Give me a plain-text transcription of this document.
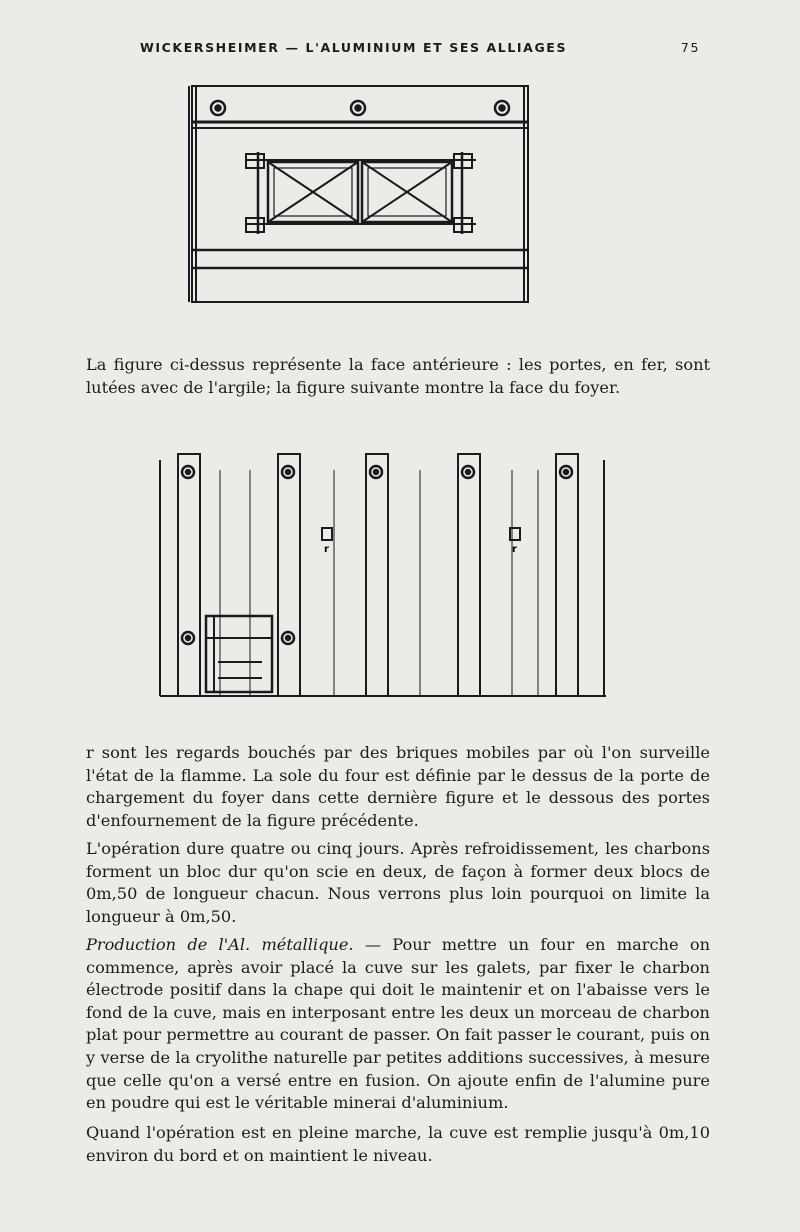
WICKERSHEIMER — L'ALUMINIUM ET SES ALLIAGES	75

La figure ci-dessus représente la face antérieure : les portes, en fer, sont lutées avec de l'argile; la figure suivante montre la face du foyer.

r	r

r sont les regards bouchés par des briques mobiles par où l'on surveille l'état de la flamme. La sole du four est définie par le dessus de la porte de chargement du foyer dans cette dernière figure et le dessous des portes d'enfournement de la figure précédente.

L'opération dure quatre ou cinq jours. Après refroidissement, les charbons forment un bloc dur qu'on scie en deux, de façon à former deux blocs de 0m,50 de longueur chacun. Nous verrons plus loin pourquoi on limite la longueur à 0m,50.

Production de l'Al. métallique. — Pour mettre un four en marche on commence, après avoir placé la cuve sur les galets, par fixer le charbon électrode positif dans la chape qui doit le maintenir et on l'abaisse vers le fond de la cuve, mais en interposant entre les deux un morceau de charbon plat pour permettre au courant de passer. On fait passer le courant, puis on y verse de la cryolithe naturelle par petites additions successives, à mesure que celle qu'on a versé entre en fusion. On ajoute enfin de l'alumine pure en poudre qui est le véritable minerai d'aluminium.

Quand l'opération est en pleine marche, la cuve est remplie jusqu'à 0m,10 environ du bord et on maintient le niveau.
